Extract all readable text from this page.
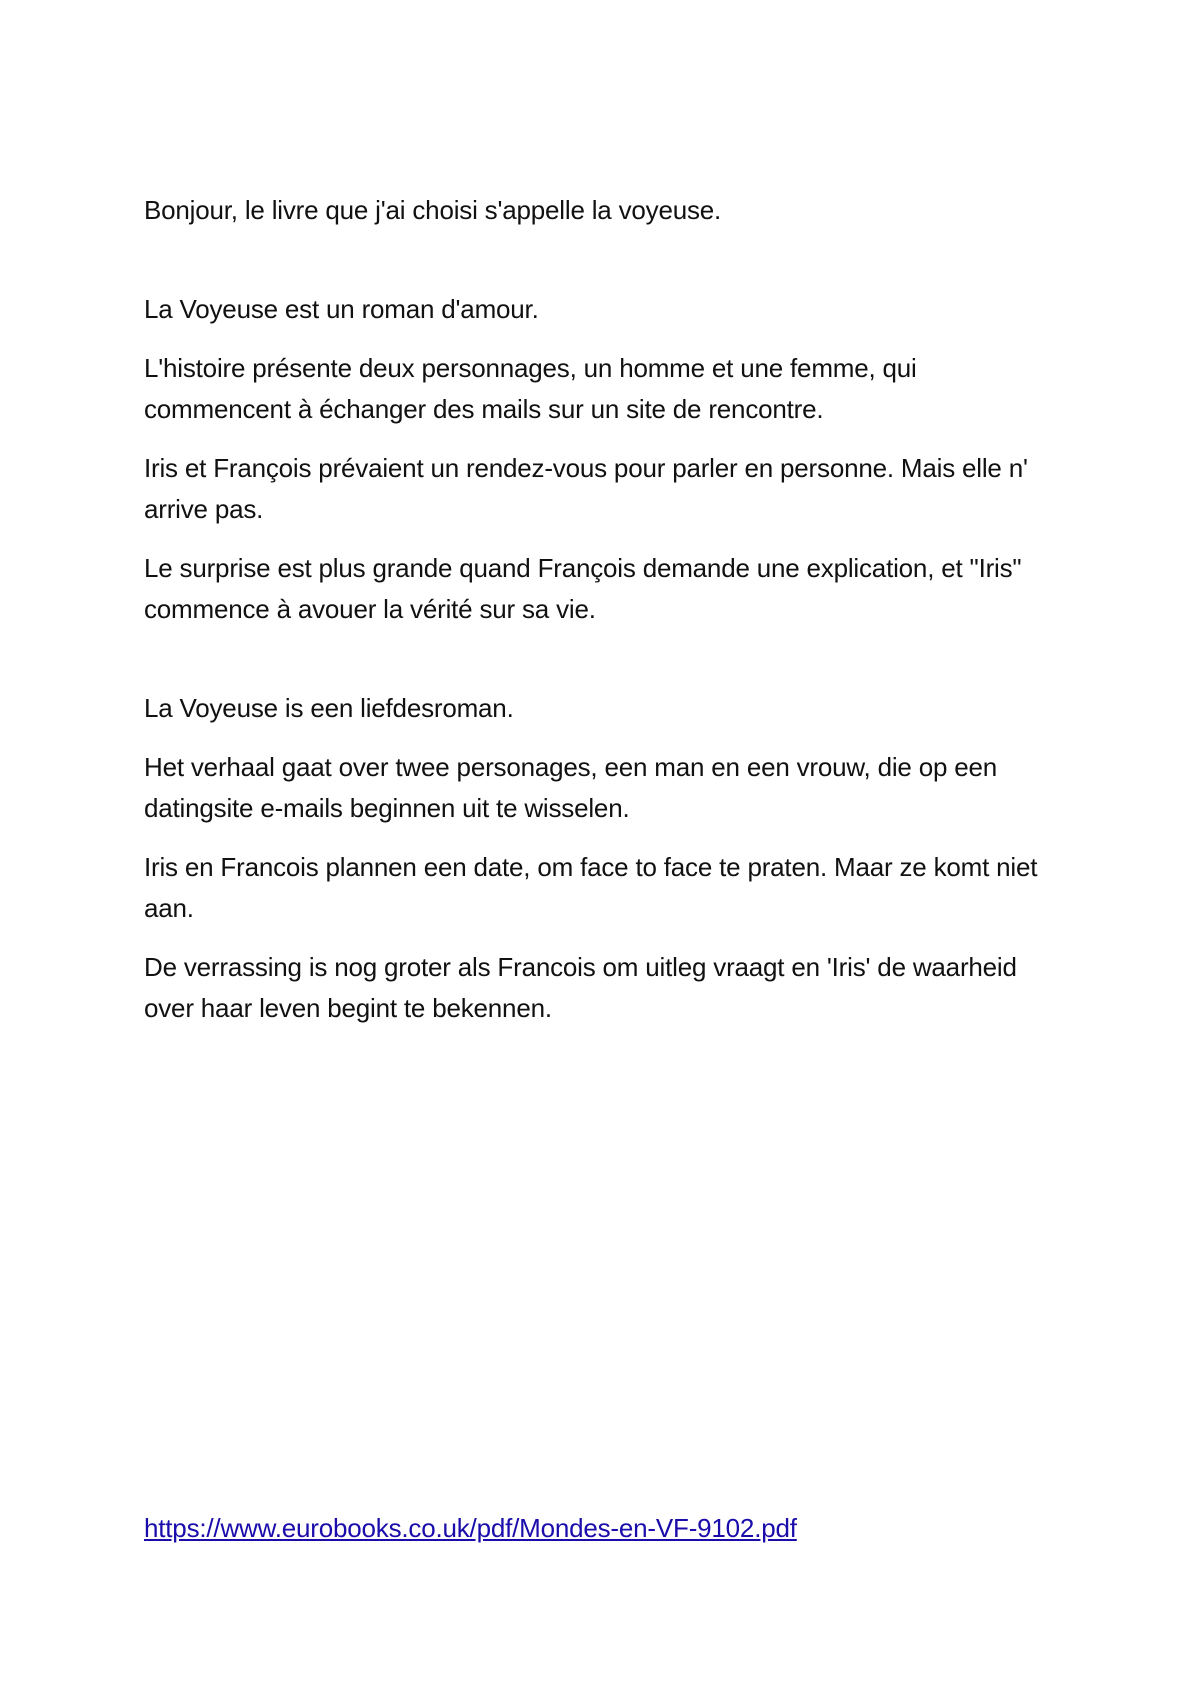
Bonjour, le livre que j'ai choisi s'appelle la voyeuse.

La Voyeuse est un roman d'amour.

L'histoire présente deux personnages, un homme et une femme, qui commencent à échanger des mails sur un site de rencontre.

Iris et François prévaient un rendez-vous pour parler en personne. Mais elle n' arrive pas.

Le surprise est plus grande quand François demande une explication, et "Iris" commence à avouer la vérité sur sa vie.

La Voyeuse is een liefdesroman.

Het verhaal gaat over twee personages, een man en een vrouw, die op een datingsite e-mails beginnen uit te wisselen.

Iris en Francois plannen een date, om face to face te praten. Maar ze komt niet aan.

De verrassing is nog groter als Francois om uitleg vraagt en 'Iris' de waarheid over haar leven begint te bekennen.

https://www.eurobooks.co.uk/pdf/Mondes-en-VF-9102.pdf
